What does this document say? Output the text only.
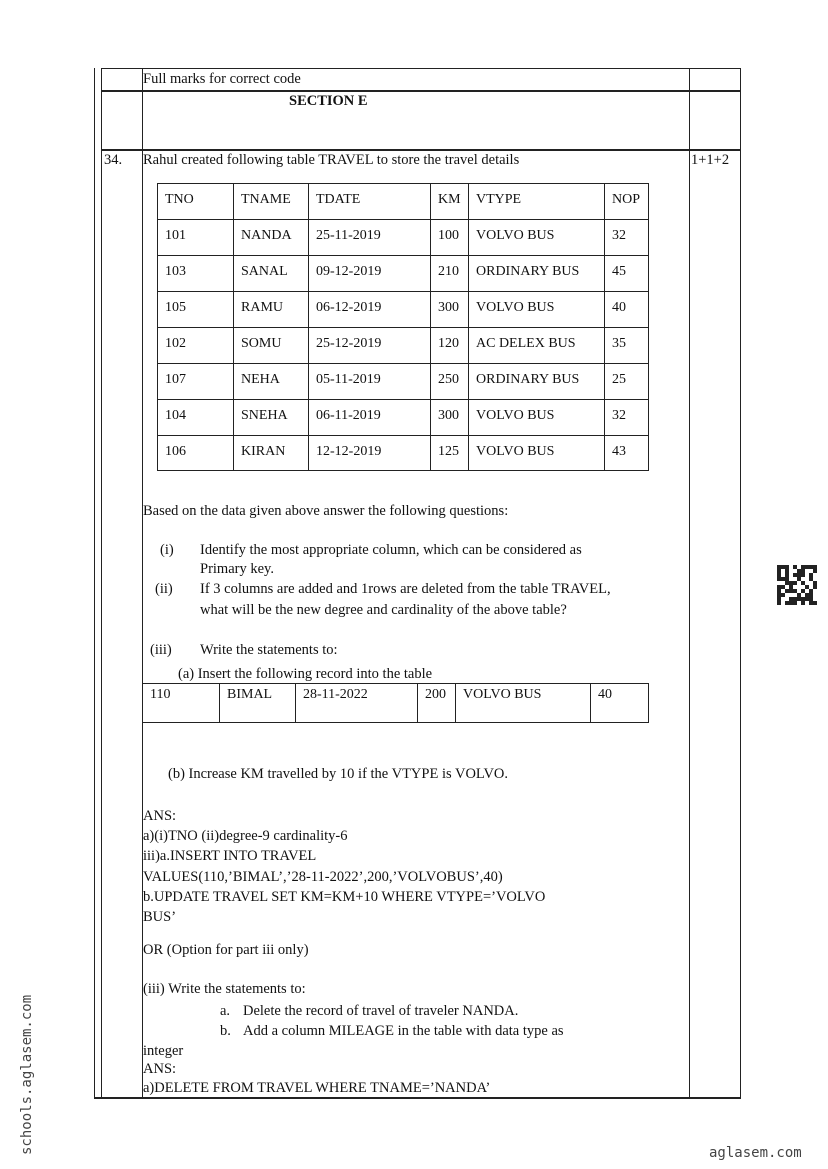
Full marks for correct code
SECTION E
34. Rahul created following table TRAVEL to store the travel details	1+1+2
TNO	TNAME	TDATE	KM	VTYPE	NOP
101	NANDA	25-11-2019	100	VOLVO BUS	32
103	SANAL	09-12-2019	210	ORDINARY BUS	45
105	RAMU	06-12-2019	300	VOLVO BUS	40
102	SOMU	25-12-2019	120	AC DELEX BUS	35
107	NEHA	05-11-2019	250	ORDINARY BUS	25
104	SNEHA	06-11-2019	300	VOLVO BUS	32
106	KIRAN	12-12-2019	125	VOLVO BUS	43
Based on the data given above answer the following questions:
(i) Identify the most appropriate column, which can be considered as
Primary key.
(ii) If 3 columns are added and 1rows are deleted from the table TRAVEL,
what will be the new degree and cardinality of the above table?
(iii) Write the statements to:
(a) Insert the following record into the table
110	BIMAL	28-11-2022	200	VOLVO BUS	40
(b) Increase KM travelled by 10 if the VTYPE is VOLVO.
ANS:
a)(i)TNO (ii)degree-9 cardinality-6
iii)a.INSERT INTO TRAVEL
VALUES(110,’BIMAL’,’28-11-2022’,200,’VOLVOBUS’,40)
b.UPDATE TRAVEL SET KM=KM+10 WHERE VTYPE=’VOLVO
BUS’
OR (Option for part iii only)
(iii) Write the statements to:
a. Delete the record of travel of traveler NANDA.
b. Add a column MILEAGE in the table with data type as
integer
ANS:
a)DELETE FROM TRAVEL WHERE TNAME=’NANDA’
schools.aglasem.com	aglasem.com
